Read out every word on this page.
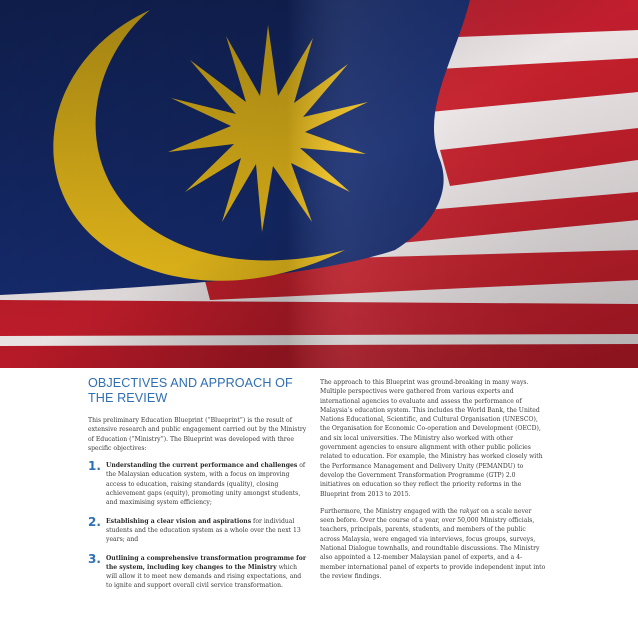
OBJECTIVES AND APPROACH OF THE REVIEW

This preliminary Education Blueprint (“Blueprint”) is the result of extensive research and public engagement carried out by the Ministry of Education (“Ministry”). The Blueprint was developed with three specific objectives:

1. Understanding the current performance and challenges of the Malaysian education system, with a focus on improving access to education, raising standards (quality), closing achievement gaps (equity), promoting unity amongst students, and maximising system efficiency;
2. Establishing a clear vision and aspirations for individual students and the education system as a whole over the next 13 years; and
3. Outlining a comprehensive transformation programme for the system, including key changes to the Ministry which will allow it to meet new demands and rising expectations, and to ignite and support overall civil service transformation.

The approach to this Blueprint was ground-breaking in many ways. Multiple perspectives were gathered from various experts and international agencies to evaluate and assess the performance of Malaysia’s education system. This includes the World Bank, the United Nations Educational, Scientific, and Cultural Organisation (UNESCO), the Organisation for Economic Co-operation and Development (OECD), and six local universities. The Ministry also worked with other government agencies to ensure alignment with other public policies related to education. For example, the Ministry has worked closely with the Performance Management and Delivery Unity (PEMANDU) to develop the Government Transformation Programme (GTP) 2.0 initiatives on education so they reflect the priority reforms in the Blueprint from 2013 to 2015.

Furthermore, the Ministry engaged with the rakyat on a scale never seen before. Over the course of a year, over 50,000 Ministry officials, teachers, principals, parents, students, and members of the public across Malaysia, were engaged via interviews, focus groups, surveys, National Dialogue townhalls, and roundtable discussions. The Ministry also appointed a 12-member Malaysian panel of experts, and a 4-member international panel of experts to provide independent input into the review findings.
